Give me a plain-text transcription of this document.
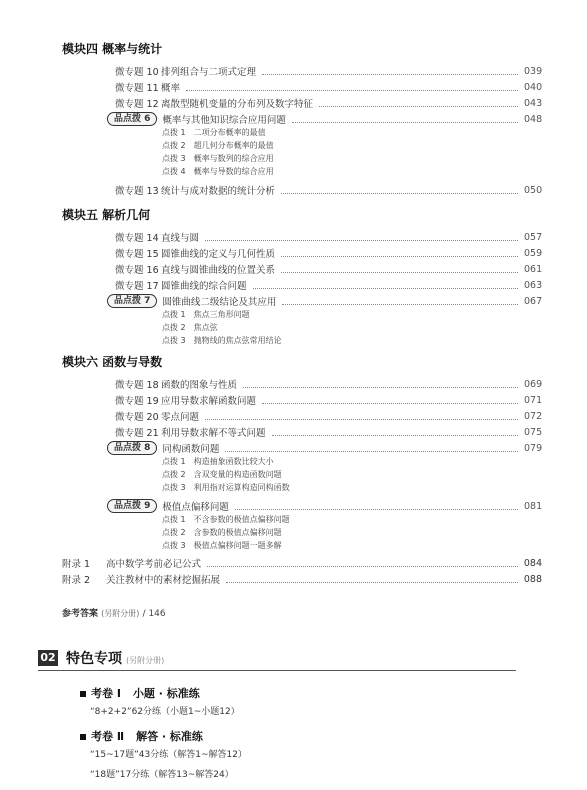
模块四 概率与统计
微专题 10 排列组合与二项式定理	039
微专题 11 概率	040
微专题 12 离散型随机变量的分布列及数字特征	043
品点拨 6	概率与其他知识综合应用问题	048
点拨 1 二项分布概率的最值
点拨 2 超几何分布概率的最值
点拨 3 概率与数列的综合应用
点拨 4 概率与导数的综合应用
微专题 13 统计与成对数据的统计分析	050
模块五 解析几何
微专题 14 直线与圆	057
微专题 15 圆锥曲线的定义与几何性质	059
微专题 16 直线与圆锥曲线的位置关系	061
微专题 17 圆锥曲线的综合问题	063
品点拨 7	圆锥曲线二级结论及其应用	067
点拨 1 焦点三角形问题
点拨 2 焦点弦
点拨 3 抛物线的焦点弦常用结论
模块六 函数与导数
微专题 18 函数的图象与性质	069
微专题 19 应用导数求解函数问题	071
微专题 20 零点问题	072
微专题 21 利用导数求解不等式问题	075
品点拨 8	同构函数问题	079
点拨 1 构造抽象函数比较大小
点拨 2 含双变量的构造函数问题
点拨 3 利用指对运算构造同构函数
品点拨 9	极值点偏移问题	081
点拨 1 不含参数的极值点偏移问题
点拨 2 含参数的极值点偏移问题
点拨 3 极值点偏移问题一题多解
附录 1	高中数学考前必记公式	084
附录 2	关注教材中的素材挖掘拓展	088
参考答案 (另附分册) / 146
02 特色专项 (另附分册)
考卷 Ⅰ 小题 · 标准练
“8+2+2”62分练（小题1~小题12）
考卷 Ⅱ 解答 · 标准练
“15~17题”43分练（解答1~解答12）
“18题”17分练（解答13~解答24）
